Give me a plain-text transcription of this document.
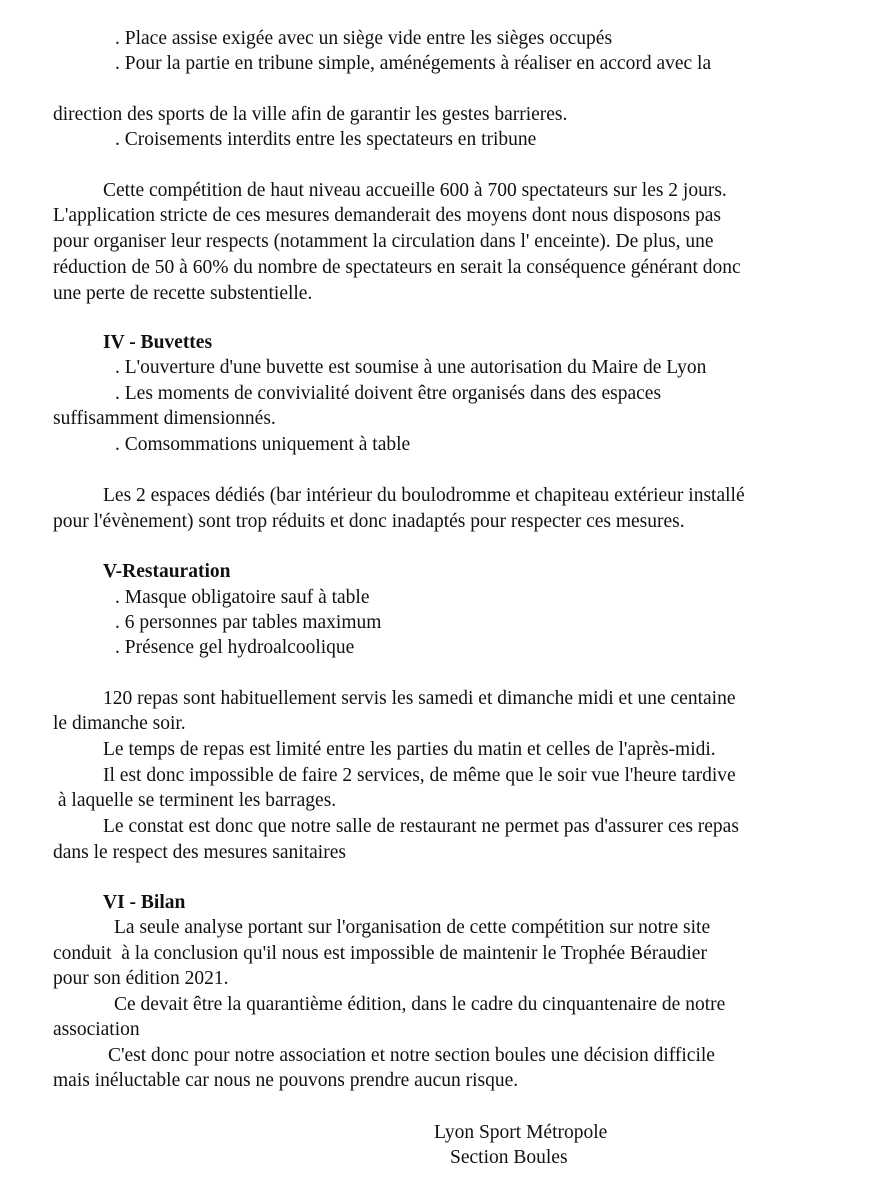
. Place assise exigée avec un siège vide entre les sièges occupés
. Pour la partie en tribune simple, aménégements à réaliser en accord avec la
direction des sports de la ville afin de garantir les gestes barrieres.
. Croisements interdits entre les spectateurs en tribune
Cette compétition de haut niveau accueille 600 à 700 spectateurs sur les 2 jours.
L'application stricte de ces mesures demanderait des moyens dont nous disposons pas
pour organiser leur respects (notamment la circulation dans l' enceinte). De plus, une
réduction de 50 à 60% du nombre de spectateurs en serait la conséquence générant donc
une perte de recette substentielle.
IV - Buvettes
. L'ouverture d'une buvette est soumise à une autorisation du Maire de Lyon
. Les moments de convivialité doivent être organisés dans des espaces
suffisamment dimensionnés.
. Comsommations uniquement à table
Les 2 espaces dédiés (bar intérieur du boulodromme et chapiteau extérieur installé
pour l'évènement) sont trop réduits et donc inadaptés pour respecter ces mesures.
V-Restauration
. Masque obligatoire sauf à table
. 6 personnes par tables maximum
. Présence gel hydroalcoolique
120 repas sont habituellement servis les samedi et dimanche midi et une centaine
le dimanche soir.
Le temps de repas est limité entre les parties du matin et celles de l'après-midi.
Il est donc impossible de faire 2 services, de même que le soir vue l'heure tardive
à laquelle se terminent les barrages.
Le constat est donc que notre salle de restaurant ne permet pas d'assurer ces repas
dans le respect des mesures sanitaires
VI - Bilan
La seule analyse portant sur l'organisation de cette compétition sur notre site
conduit  à la conclusion qu'il nous est impossible de maintenir le Trophée Béraudier
pour son édition 2021.
Ce devait être la quarantième édition, dans le cadre du cinquantenaire de notre
association
C'est donc pour notre association et notre section boules une décision difficile
mais inéluctable car nous ne pouvons prendre aucun risque.
Lyon Sport Métropole
Section Boules
